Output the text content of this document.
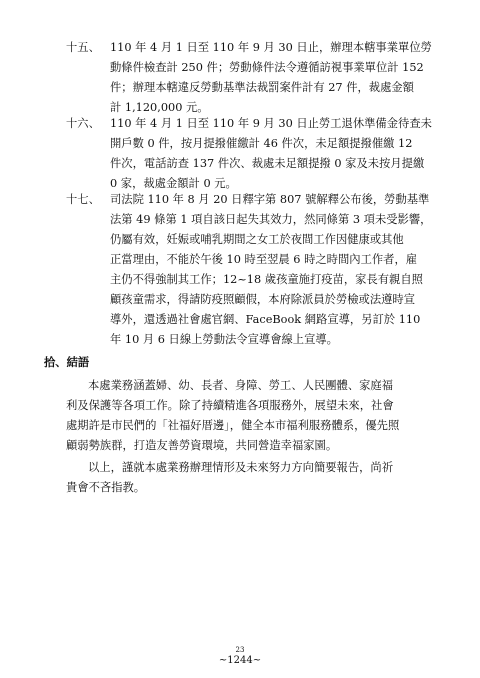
十五、 110 年 4 月 1 日至 110 年 9 月 30 日止，辦理本轄事業單位勞
動條件檢查計 250 件；勞動條件法令遵循訪視事業單位計 152
件；辦理本轄違反勞動基準法裁罰案件計有 27 件，裁處金額
計 1,120,000 元。
十六、 110 年 4 月 1 日至 110 年 9 月 30 日止勞工退休準備金待查未
開戶數 0 件，按月提撥催繳計 46 件次，未足額提撥催繳 12
件次，電話訪查 137 件次、裁處未足額提撥 0 家及未按月提繳
0 家，裁處金額計 0 元。
十七、 司法院 110 年 8 月 20 日釋字第 807 號解釋公布後，勞動基準
法第 49 條第 1 項自該日起失其效力，然同條第 3 項未受影響，
仍屬有效，妊娠或哺乳期間之女工於夜間工作因健康或其他
正當理由，不能於午後 10 時至翌晨 6 時之時間內工作者，雇
主仍不得強制其工作；12~18 歲孩童施打疫苗，家長有親自照
顧孩童需求，得請防疫照顧假，本府除派員於勞檢或法遵時宣
導外，還透過社會處官網、FaceBook 網路宣導，另訂於 110
年 10 月 6 日線上勞動法令宣導會線上宣導。
拾、結語
本處業務涵蓋婦、幼、長者、身障、勞工、人民團體、家庭福
利及保護等各項工作。除了持續精進各項服務外，展望未來，社會
處期許是市民們的「社福好厝邊」，健全本市福利服務體系，優先照
顧弱勢族群，打造友善勞資環境，共同營造幸福家園。
以上，謹就本處業務辦理情形及未來努力方向簡要報告，尚祈
貴會不吝指教。
23
~1244~
